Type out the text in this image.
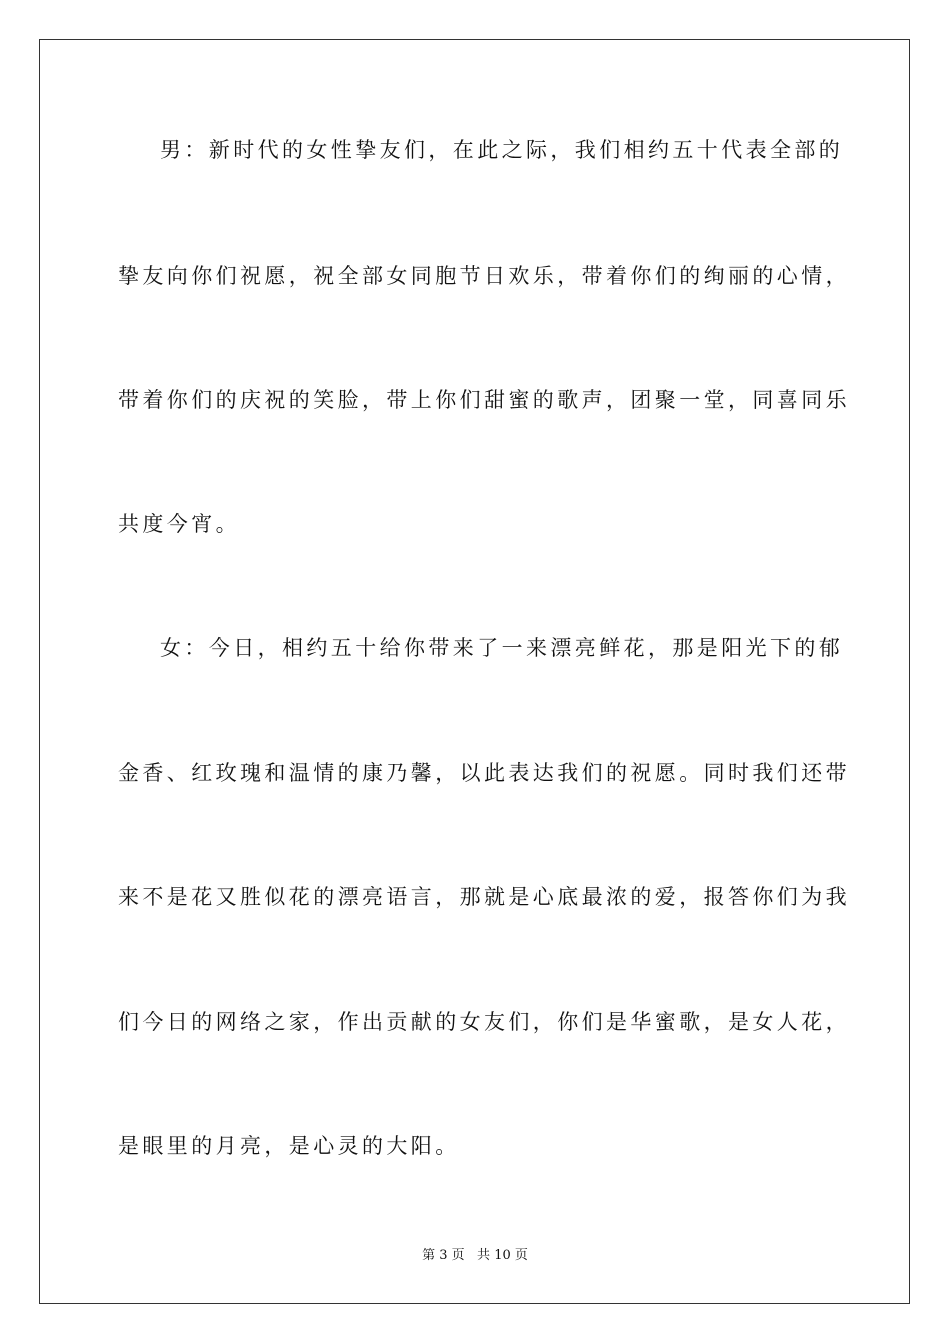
男：新时代的女性挚友们，在此之际，我们相约五十代表全部的
挚友向你们祝愿，祝全部女同胞节日欢乐，带着你们的绚丽的心情，
带着你们的庆祝的笑脸，带上你们甜蜜的歌声，团聚一堂，同喜同乐
共度今宵。
女：今日，相约五十给你带来了一来漂亮鲜花，那是阳光下的郁
金香、红玫瑰和温情的康乃馨，以此表达我们的祝愿。同时我们还带
来不是花又胜似花的漂亮语言，那就是心底最浓的爱，报答你们为我
们今日的网络之家，作出贡献的女友们，你们是华蜜歌，是女人花，
是眼里的月亮，是心灵的大阳。
第 3 页   共 10 页
